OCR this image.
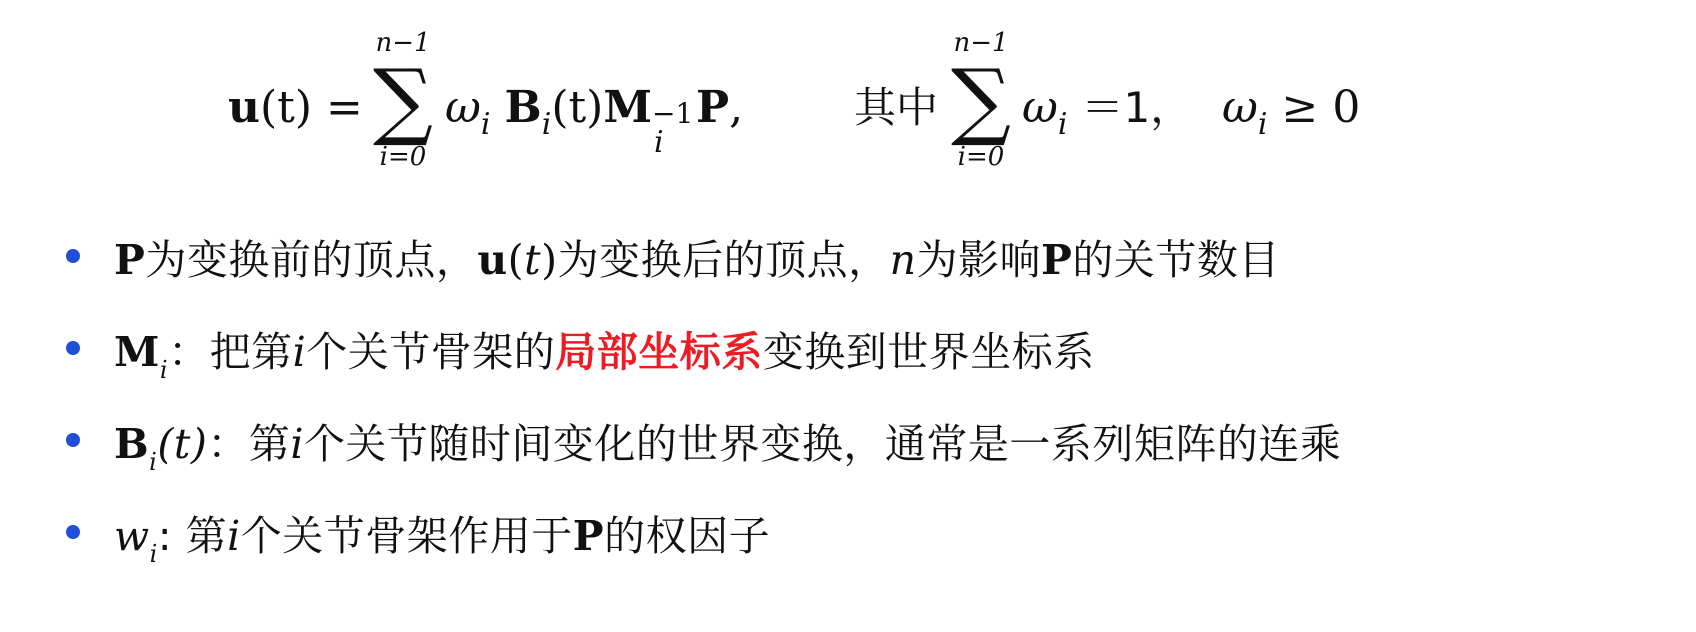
u(t) =
n−1
∑
i=0
$\omega_i$ $B_i(t)M -1$
i
P,	其中
n−1
∑
i=0
$\omega_i =1$， $\omega_i \ge 0$
P为变换前的顶点，u(t)为变换后的顶点，n为影响P的关节数目
$M_i$：把第i个关节骨架的局部坐标系变换到世界坐标系
$B_i(t)$：第i个关节随时间变化的世界变换，通常是一系列矩阵的连乘
$w_i$: 第i个关节骨架作用于P的权因子
